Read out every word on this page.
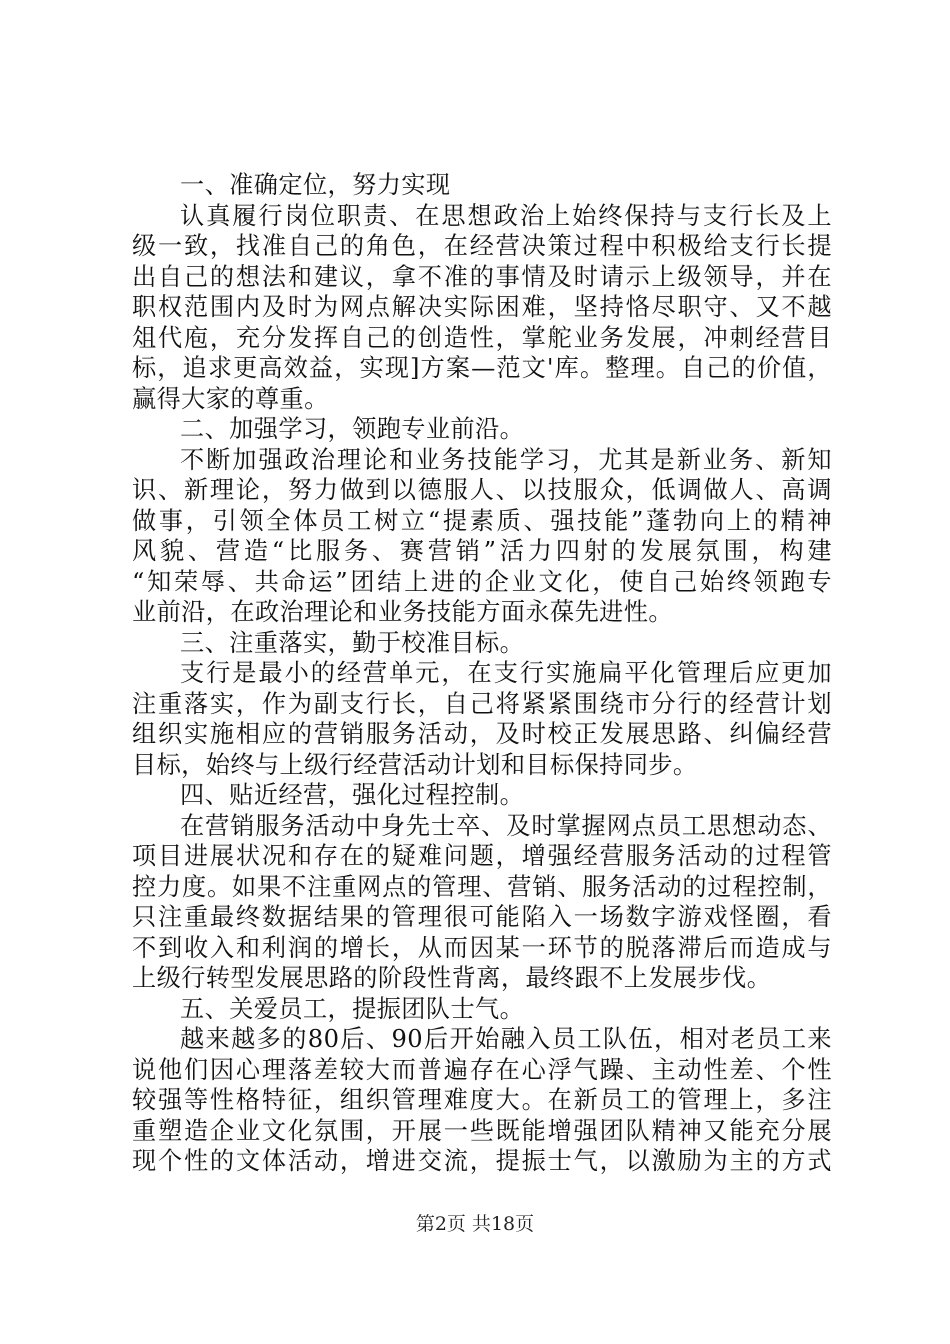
一、准确定位，努力实现
认真履行岗位职责、在思想政治上始终保持与支行长及上
级一致，找准自己的角色，在经营决策过程中积极给支行长提
出自己的想法和建议，拿不准的事情及时请示上级领导，并在
职权范围内及时为网点解决实际困难，坚持恪尽职守、又不越
俎代庖，充分发挥自己的创造性，掌舵业务发展，冲刺经营目
标，追求更高效益，实现]方案—范文'库。整理。自己的价值，
赢得大家的尊重。
二、加强学习，领跑专业前沿。
不断加强政治理论和业务技能学习，尤其是新业务、新知
识、新理论，努力做到以德服人、以技服众，低调做人、高调
做事，引领全体员工树立“提素质、强技能”蓬勃向上的精神
风貌、营造“比服务、赛营销”活力四射的发展氛围，构建
“知荣辱、共命运”团结上进的企业文化，使自己始终领跑专
业前沿，在政治理论和业务技能方面永葆先进性。
三、注重落实，勤于校准目标。
支行是最小的经营单元，在支行实施扁平化管理后应更加
注重落实，作为副支行长，自己将紧紧围绕市分行的经营计划
组织实施相应的营销服务活动，及时校正发展思路、纠偏经营
目标，始终与上级行经营活动计划和目标保持同步。
四、贴近经营，强化过程控制。
在营销服务活动中身先士卒、及时掌握网点员工思想动态、
项目进展状况和存在的疑难问题，增强经营服务活动的过程管
控力度。如果不注重网点的管理、营销、服务活动的过程控制，
只注重最终数据结果的管理很可能陷入一场数字游戏怪圈，看
不到收入和利润的增长，从而因某一环节的脱落滞后而造成与
上级行转型发展思路的阶段性背离，最终跟不上发展步伐。
五、关爱员工，提振团队士气。
越来越多的80后、90后开始融入员工队伍，相对老员工来
说他们因心理落差较大而普遍存在心浮气躁、主动性差、个性
较强等性格特征，组织管理难度大。在新员工的管理上，多注
重塑造企业文化氛围，开展一些既能增强团队精神又能充分展
现个性的文体活动，增进交流，提振士气，以激励为主的方式
第2页 共18页
